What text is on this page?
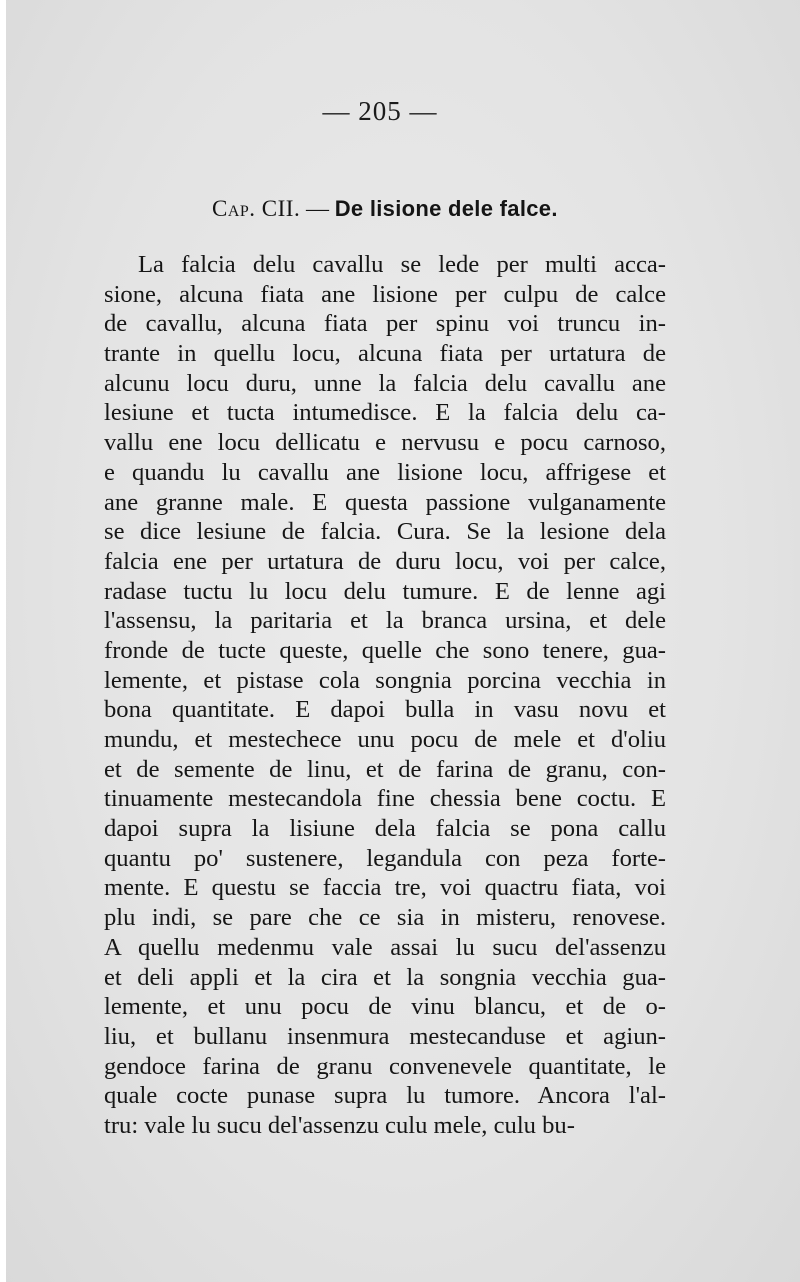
— 205 —
Cap. CII. — De lisione dele falce.
La falcia delu cavallu se lede per multi acca-
sione, alcuna fiata ane lisione per culpu de calce
de cavallu, alcuna fiata per spinu voi truncu in-
trante in quellu locu, alcuna fiata per urtatura de
alcunu locu duru, unne la falcia delu cavallu ane
lesiune et tucta intumedisce. E la falcia delu ca-
vallu ene locu dellicatu e nervusu e pocu carnoso,
e quandu lu cavallu ane lisione locu, affrigese et
ane granne male. E questa passione vulganamente
se dice lesiune de falcia. Cura. Se la lesione dela
falcia ene per urtatura de duru locu, voi per calce,
radase tuctu lu locu delu tumure. E de lenne agi
l'assensu, la paritaria et la branca ursina, et dele
fronde de tucte queste, quelle che sono tenere, gua-
lemente, et pistase cola songnia porcina vecchia in
bona quantitate. E dapoi bulla in vasu novu et
mundu, et mestechece unu pocu de mele et d'oliu
et de semente de linu, et de farina de granu, con-
tinuamente mestecandola fine chessia bene coctu. E
dapoi supra la lisiune dela falcia se pona callu
quantu po' sustenere, legandula con peza forte-
mente. E questu se faccia tre, voi quactru fiata, voi
plu indi, se pare che ce sia in misteru, renovese.
A quellu medenmu vale assai lu sucu del'assenzu
et deli appli et la cira et la songnia vecchia gua-
lemente, et unu pocu de vinu blancu, et de o-
liu, et bullanu insenmura mestecanduse et agiun-
gendoce farina de granu convenevele quantitate, le
quale cocte punase supra lu tumore. Ancora l'al-
tru: vale lu sucu del'assenzu culu mele, culu bu-
